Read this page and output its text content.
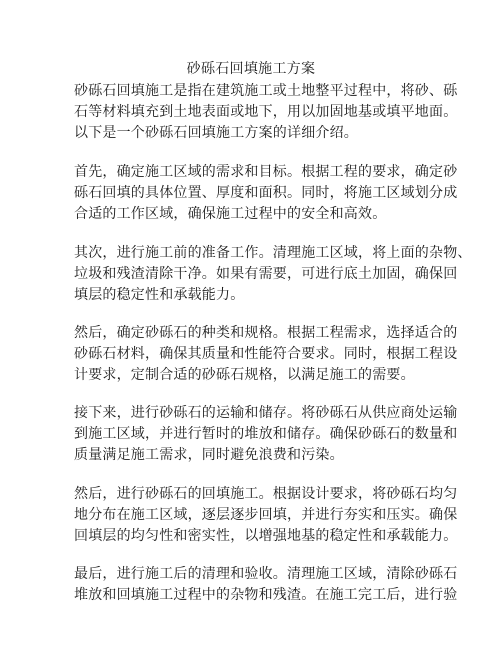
砂砾石回填施工方案
砂砾石回填施工是指在建筑施工或土地整平过程中，将砂、砾
石等材料填充到土地表面或地下，用以加固地基或填平地面。
以下是一个砂砾石回填施工方案的详细介绍。
首先，确定施工区域的需求和目标。根据工程的要求，确定砂
砾石回填的具体位置、厚度和面积。同时，将施工区域划分成
合适的工作区域，确保施工过程中的安全和高效。
其次，进行施工前的准备工作。清理施工区域，将上面的杂物、
垃圾和残渣清除干净。如果有需要，可进行底土加固，确保回
填层的稳定性和承载能力。
然后，确定砂砾石的种类和规格。根据工程需求，选择适合的
砂砾石材料，确保其质量和性能符合要求。同时，根据工程设
计要求，定制合适的砂砾石规格，以满足施工的需要。
接下来，进行砂砾石的运输和储存。将砂砾石从供应商处运输
到施工区域，并进行暂时的堆放和储存。确保砂砾石的数量和
质量满足施工需求，同时避免浪费和污染。
然后，进行砂砾石的回填施工。根据设计要求，将砂砾石均匀
地分布在施工区域，逐层逐步回填，并进行夯实和压实。确保
回填层的均匀性和密实性，以增强地基的稳定性和承载能力。
最后，进行施工后的清理和验收。清理施工区域，清除砂砾石
堆放和回填施工过程中的杂物和残渣。在施工完工后，进行验
